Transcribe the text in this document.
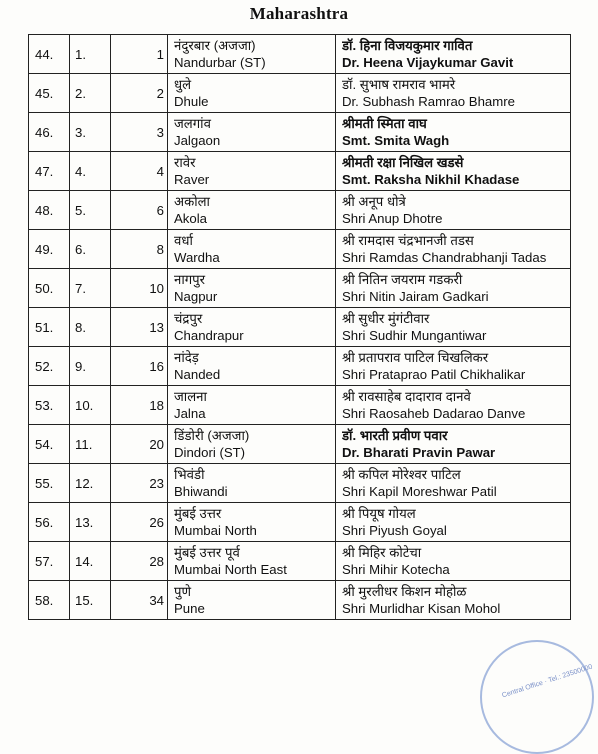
Maharashtra
44.	1.	1	नंदुरबार (अजजा)
Nandurbar (ST)	डॉ. हिना विजयकुमार गावित
Dr. Heena Vijaykumar Gavit

45.	2.	2	धुले
Dhule	डॉ. सुभाष रामराव भामरे
Dr. Subhash Ramrao Bhamre

46.	3.	3	जलगांव
Jalgaon	श्रीमती स्मिता वाघ
Smt. Smita Wagh

47.	4.	4	रावेर
Raver	श्रीमती रक्षा निखिल खडसे
Smt. Raksha Nikhil Khadase

48.	5.	6	अकोला
Akola	श्री अनूप धोत्रे
Shri Anup Dhotre

49.	6.	8	वर्धा
Wardha	श्री रामदास चंद्रभानजी तडस
Shri Ramdas Chandrabhanji Tadas

50.	7.	10	नागपुर
Nagpur	श्री नितिन जयराम गडकरी
Shri Nitin Jairam Gadkari

51.	8.	13	चंद्रपुर
Chandrapur	श्री सुधीर मुंगंटीवार
Shri Sudhir Mungantiwar

52.	9.	16	नांदेड़
Nanded	श्री प्रतापराव पाटिल चिखलिकर
Shri Prataprao Patil Chikhalikar

53.	10.	18	जालना
Jalna	श्री रावसाहेब दादाराव दानवे
Shri Raosaheb Dadarao Danve

54.	11.	20	डिंडोरी (अजजा)
Dindori (ST)	डॉ. भारती प्रवीण पवार
Dr. Bharati Pravin Pawar

55.	12.	23	भिवंडी
Bhiwandi	श्री कपिल मोरेश्वर पाटिल
Shri Kapil Moreshwar Patil

56.	13.	26	मुंबई उत्तर
Mumbai North	श्री पियूष गोयल
Shri Piyush Goyal

57.	14.	28	मुंबई उत्तर पूर्व
Mumbai North East	श्री मिहिर कोटेचा
Shri Mihir Kotecha

58.	15.	34	पुणे
Pune	श्री मुरलीधर किशन मोहोळ
Shri Murlidhar Kisan Mohol
Central Office · Tel.: 23500000
